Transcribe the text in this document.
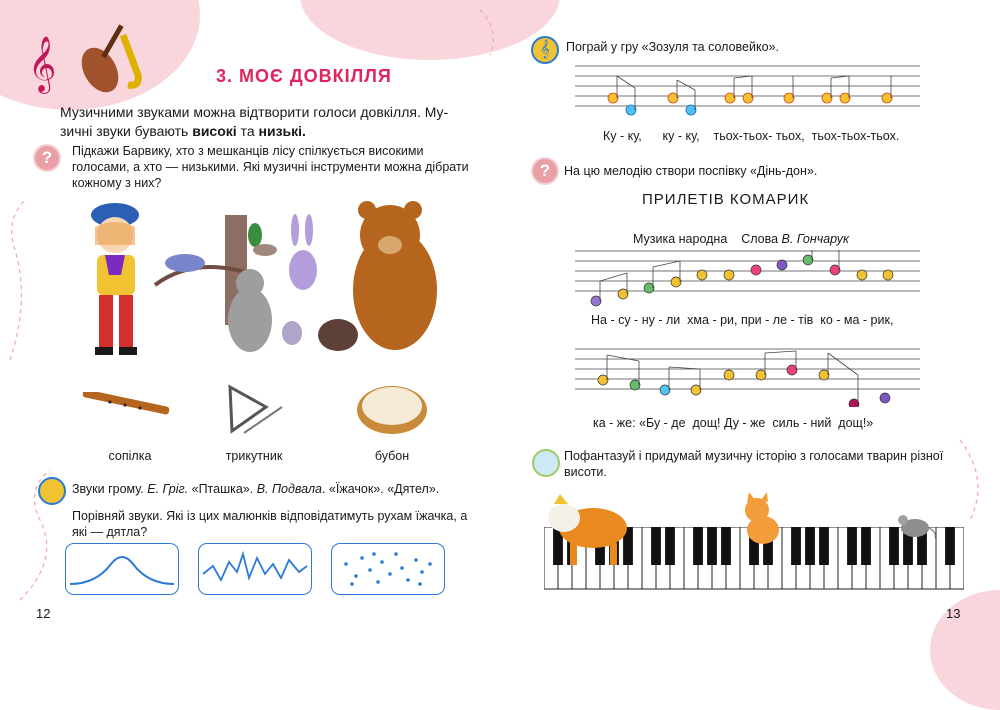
𝄞	3. МОЄ ДОВКІЛЛЯ
Музичними звуками можна відтворити голоси довкілля. Му-
зичні звуки бувають високі та низькі.
?	Підкажи Барвику, хто з мешканців лісу спілкується високими голосами, а хто — низькими. Які музичні інструменти можна дібрати кожному з них?
сопілка	трикутник	бубон
Звуки грому. Е. Гріг. «Пташка». В. Подвала. «Їжачок». «Дятел».
Порівняй звуки. Які із цих малюнків відповідатимуть рухам їжачка, а які — дятла?
12
𝄞	Пограй у гру «Зозуля та соловейко».
Ку - ку,      ку - ку,    тьох-тьох- тьох,  тьох-тьох-тьох.
?	На цю мелодію створи поспівку «Дінь-дон».
ПРИЛЕТІВ КОМАРИК

Музика народна Слова В. Гончарук

На - су - ну - ли  хма - ри, при - ле - тів  ко - ма - рик,
ка - же: «Бу - де  дощ! Ду - же  силь - ний  дощ!»
Пофантазуй і придумай музичну історію з голосами тварин різної висоти.
13
